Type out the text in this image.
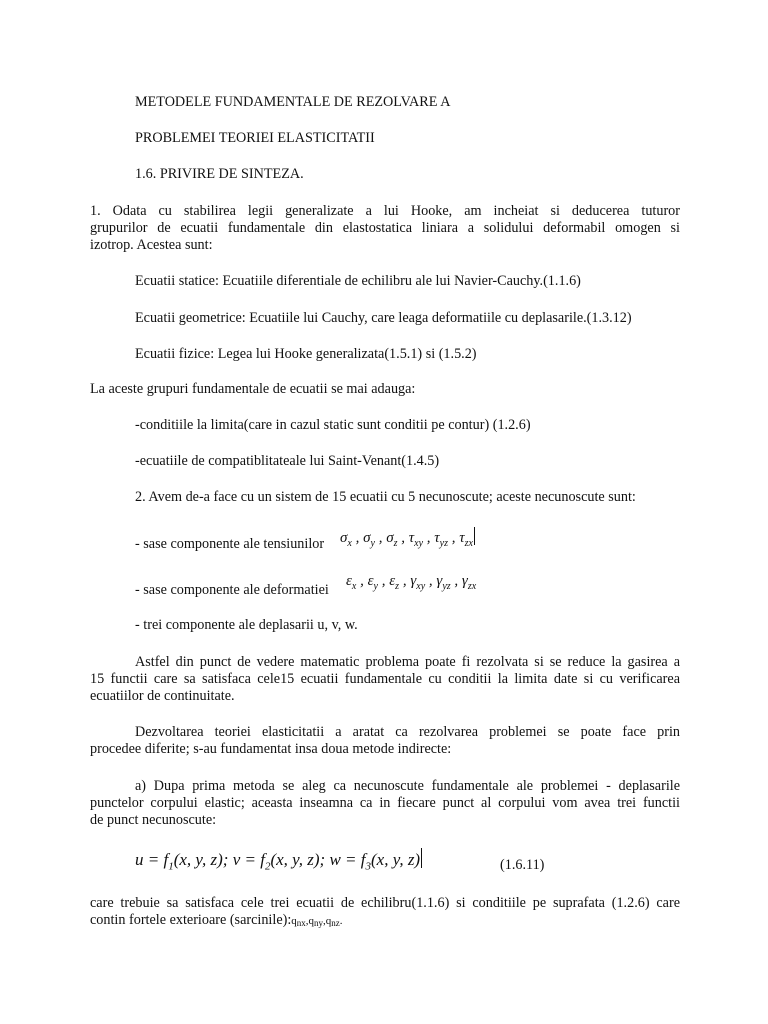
METODELE FUNDAMENTALE DE REZOLVARE A
PROBLEMEI TEORIEI ELASTICITATII
1.6. PRIVIRE DE SINTEZA.
1. Odata cu stabilirea legii generalizate a lui Hooke, am incheiat si deducerea tuturor
grupurilor de ecuatii fundamentale din elastostatica liniara a solidului deformabil omogen si
izotrop. Acestea sunt:
Ecuatii statice: Ecuatiile diferentiale de echilibru ale lui Navier-Cauchy.(1.1.6)
Ecuatii geometrice: Ecuatiile lui Cauchy, care leaga deformatiile cu deplasarile.(1.3.12)
Ecuatii fizice: Legea lui Hooke generalizata(1.5.1) si (1.5.2)
La aceste grupuri fundamentale de ecuatii se mai adauga:
-conditiile la limita(care in cazul static sunt conditii pe contur) (1.2.6)
-ecuatiile de compatiblitateale lui Saint-Venant(1.4.5)
2. Avem de-a face cu un sistem de 15 ecuatii cu 5 necunoscute; aceste necunoscute sunt:
- sase componente ale tensiunilor $\sigma_x$ , $\sigma_y$ , $\sigma_z$ , $\tau_{xy}$ , $\tau_{yz}$ , $\tau_{zx}$
- sase componente ale deformatiei
$\varepsilon_x$ , $\varepsilon_y$ , $\varepsilon_z$ , $\gamma_{xy}$ , $\gamma_{yz}$ , $\gamma_{zx}$
- trei componente ale deplasarii u, v, w.
Astfel din punct de vedere matematic problema poate fi rezolvata si se reduce la gasirea a
15 functii care sa satisfaca cele15 ecuatii fundamentale cu conditii la limita date si cu verificarea
ecuatiilor de continuitate.
Dezvoltarea teoriei elasticitatii a aratat ca rezolvarea problemei se poate face prin
procedee diferite; s-au fundamentat insa doua metode indirecte:
a) Dupa prima metoda se aleg ca necunoscute fundamentale ale problemei - deplasarile
punctelor corpului elastic; aceasta inseamna ca in fiecare punct al corpului vom avea trei functii
de punct necunoscute:
$u = f_1(x$, y, z); $v = f_2(x$, y, z); $w = f_3(x$, y, z)	(1.6.11)
care trebuie sa satisfaca cele trei ecuatii de echilibru(1.1.6) si conditiile pe suprafata (1.2.6) care
contin fortele exterioare (sarcinile):qnx,qny,qnz.
